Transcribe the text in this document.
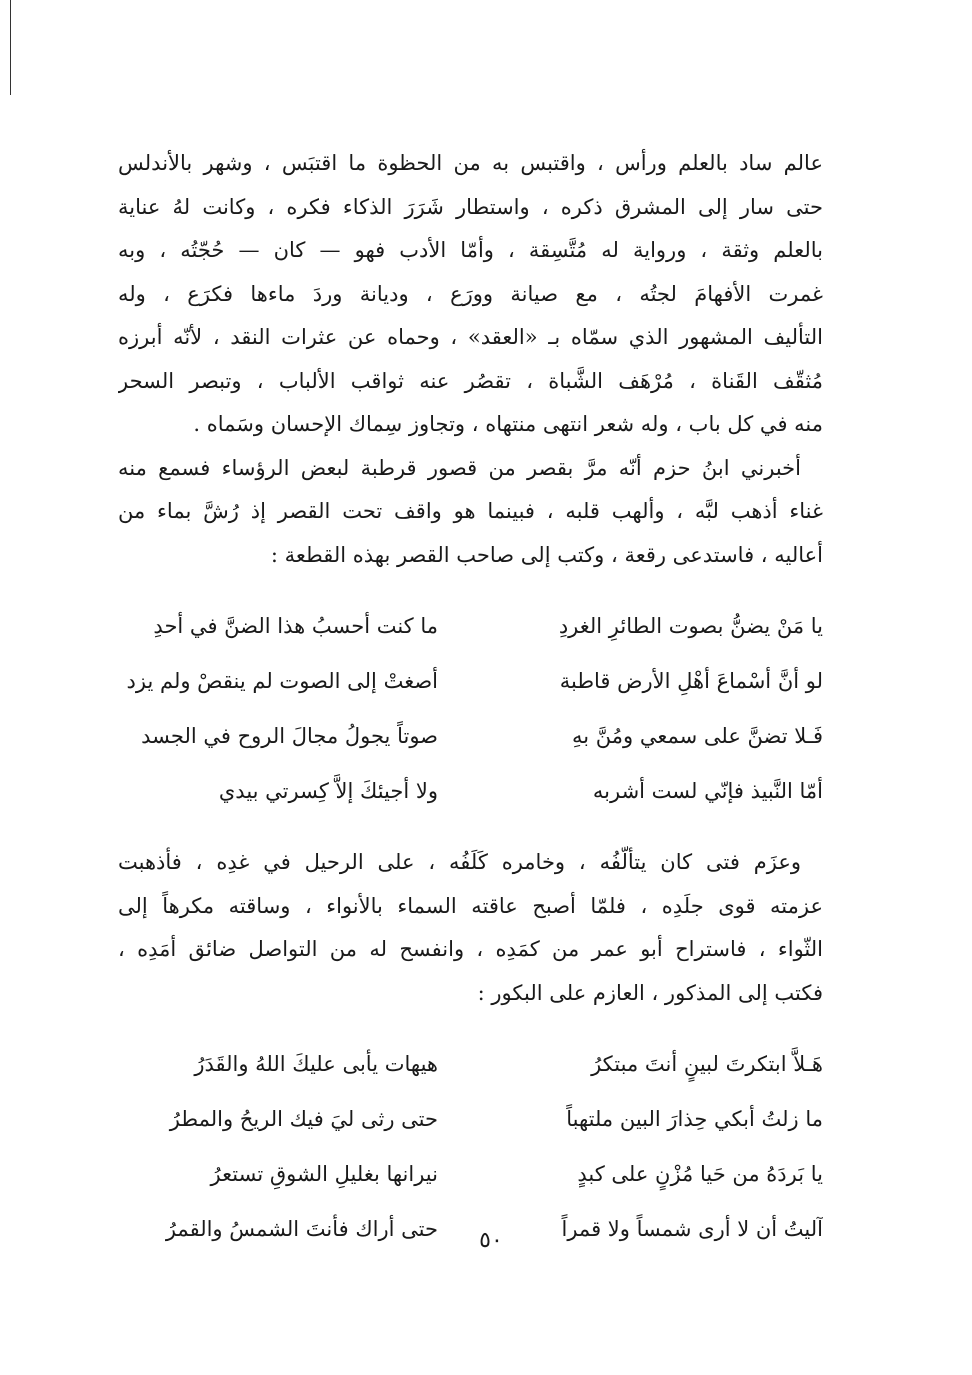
عالم ساد بالعلم ورأس ، واقتبس به من الحظوة ما اقتبَس ، وشهر بالأندلس
حتى سار إلى المشرق ذكره ، واستطار شَرَرَ الذكاء فكره ، وكانت لهُ عناية
بالعلم وثقة ، ورواية له مُتَّسِقة ، وأمّا الأدب فهو — كان — حُجّتُه ، وبه
غمرت الأفهامَ لجتُه ، مع صيانة وورَع ، وديانة وردَ ماءها فكرَع ، وله
التأليف المشهور الذي سمّاه بـ «العقد» ، وحماه عن عثرات النقد ، لأنّه أبرزه
مُثقّف القَناة ، مُرْهَف الشَّباة ، تقصُر عنه ثواقب الألباب ، وتبصر السحر
منه في كل باب ، وله شعر انتهى منتهاه ، وتجاوز سِماك الإحسان وسَماه .
أخبرني ابنُ حزم أنّه مرَّ بقصر من قصور قرطبة لبعض الرؤساء فسمع منه
غناء أذهب لبَّه ، وألهب قلبه ، فبينما هو واقف تحت القصر إذ رُشَّ بماء من
أعاليه ، فاستدعى رقعة ، وكتب إلى صاحب القصر بهذه القطعة :

يا مَنْ يضنُّ بصوت الطائرِ الغردِ
ما كنت أحسبُ هذا الضنَّ في أحدِ
لو أنَّ أسْماعَ أهْلِ الأرض قاطبة
أصغتْ إلى الصوت لم ينقصْ ولم يزد
فَـلا تضنَّ على سمعي ومُنَّ بهِ
صوتاً يجولُ مجالَ الروح في الجسد
أمّا النَّبيذ فإنّي لست أشربه
ولا أجيئكَ إلاَّ كِسرتي بيدي

وعزَم فتى كان يتألّفُه ، وخامره كَلَفُه ، على الرحيل في غدِه ، فأذهبت
عزمته قوى جلَدِه ، فلمّا أصبح عاقته السماء بالأنواء ، وساقته مكرهاً إلى
الثّواء ، فاستراح أبو عمر من كمَدِه ، وانفسح له من التواصل ضائق أمَدِه ،
فكتب إلى المذكور ، العازم على البكور :

هَـلاَّ ابتكرتَ لبينٍ أنتَ مبتكرُ
هيهات يأبى عليكَ اللهُ والقَدَرُ
ما زلتُ أبكي حِذارَ البين ملتهباً
حتى رثى ليَ فيك الريحُ والمطرُ
يا بَردَهُ من حَيا مُزْنٍ على كبدٍ
نيرانها بغليلِ الشوقِ تستعرُ
آليتُ أن لا أرى شمساً ولا قمراً
حتى أراك فأنتَ الشمسُ والقمرُ	٥٠
